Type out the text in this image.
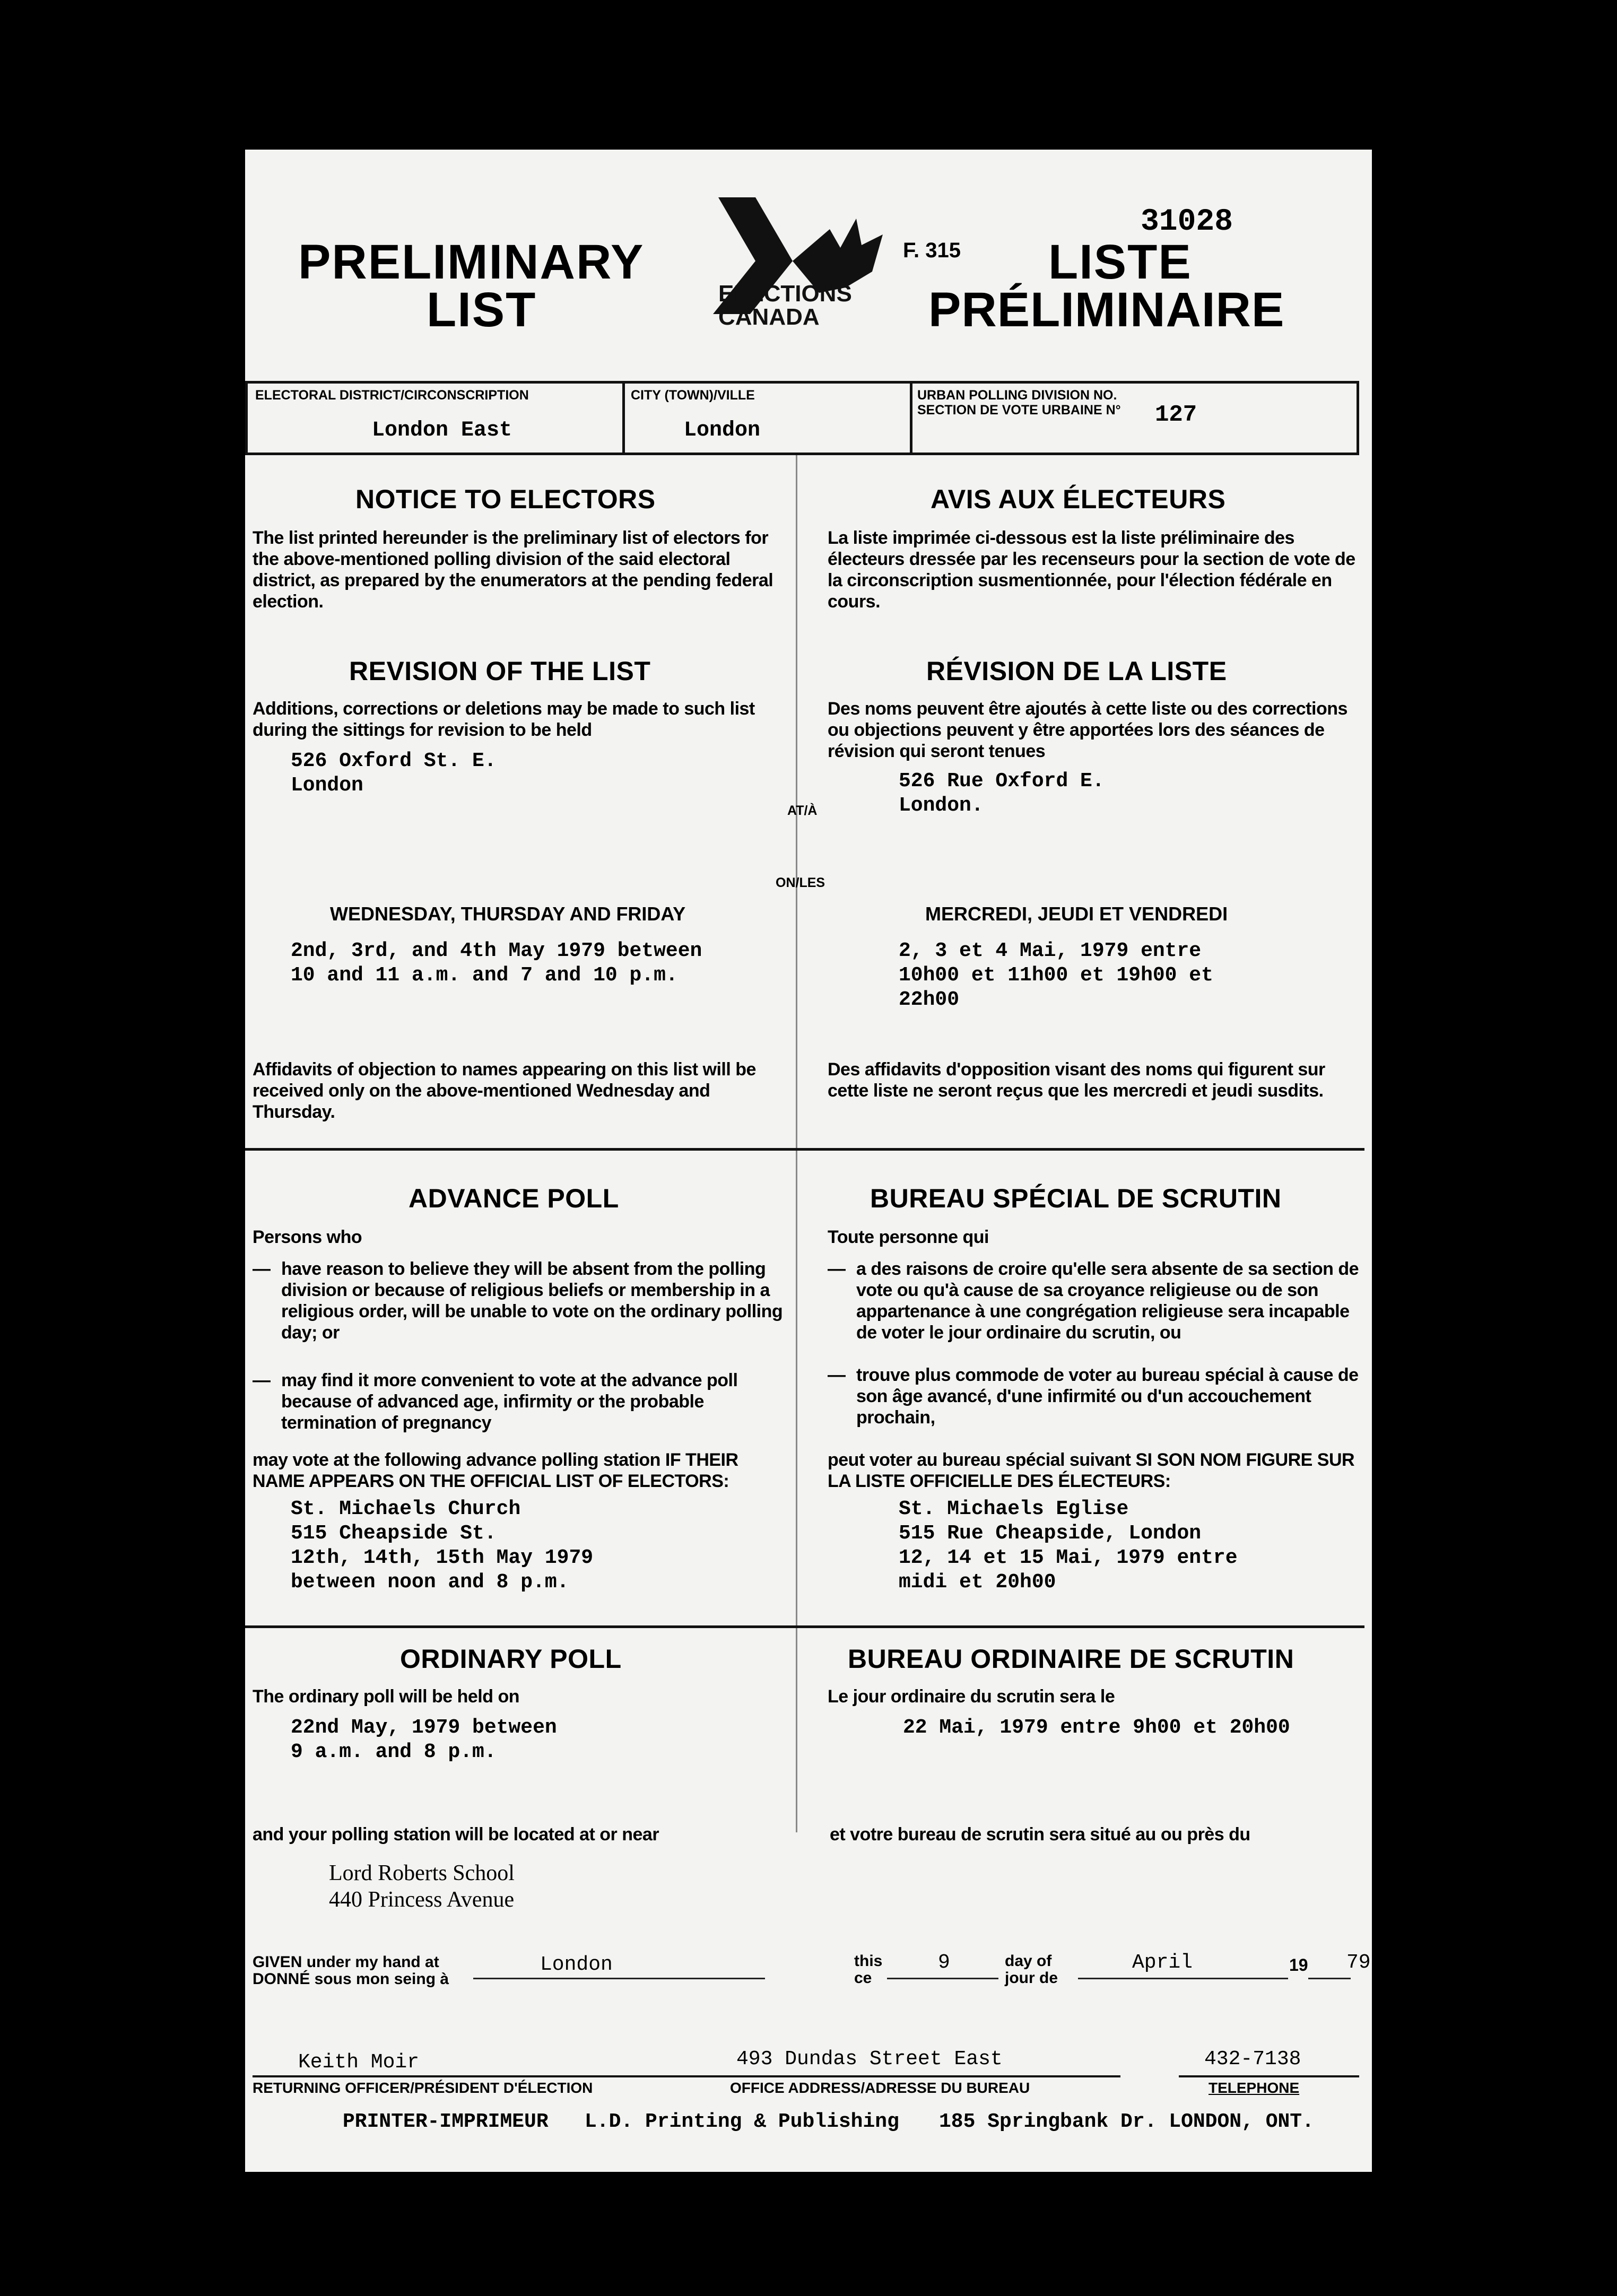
PRELIMINARY
LIST	ELECTIONS
CANADA
F. 315
31028
LISTE
PRÉLIMINAIRE
ELECTORAL DISTRICT/CIRCONSCRIPTION
London East
CITY (TOWN)/VILLE
London
URBAN POLLING DIVISION NO.
SECTION DE VOTE URBAINE N° 127
NOTICE TO ELECTORS
The list printed hereunder is the preliminary list of electors for the above-mentioned polling division of the said electoral district, as prepared by the enumerators at the pending federal election.
AVIS AUX ÉLECTEURS
La liste imprimée ci-dessous est la liste préliminaire des électeurs dressée par les recenseurs pour la section de vote de la circonscription susmentionnée, pour l'élection fédérale en cours.
REVISION OF THE LIST
Additions, corrections or deletions may be made to such list during the sittings for revision to be held
526 Oxford St. E.
London
RÉVISION DE LA LISTE
Des noms peuvent être ajoutés à cette liste ou des corrections ou objections peuvent y être apportées lors des séances de révision qui seront tenues
526 Rue Oxford E.
London.
AT/À
ON/LES
WEDNESDAY, THURSDAY AND FRIDAY
2nd, 3rd, and 4th May 1979 between
10 and 11 a.m. and 7 and 10 p.m.
MERCREDI, JEUDI ET VENDREDI
2, 3 et 4 Mai, 1979 entre
10h00 et 11h00 et 19h00 et
22h00
Affidavits of objection to names appearing on this list will be received only on the above-mentioned Wednesday and Thursday.
Des affidavits d'opposition visant des noms qui figurent sur cette liste ne seront reçus que les mercredi et jeudi susdits.
ADVANCE POLL
Persons who
— have reason to believe they will be absent from the polling division or because of religious beliefs or membership in a religious order, will be unable to vote on the ordinary polling day; or
— may find it more convenient to vote at the advance poll because of advanced age, infirmity or the probable termination of pregnancy
may vote at the following advance polling station IF THEIR NAME APPEARS ON THE OFFICIAL LIST OF ELECTORS:
St. Michaels Church
515 Cheapside St.
12th, 14th, 15th May 1979
between noon and 8 p.m.
BUREAU SPÉCIAL DE SCRUTIN
Toute personne qui
— a des raisons de croire qu'elle sera absente de sa section de vote ou qu'à cause de sa croyance religieuse ou de son appartenance à une congrégation religieuse sera incapable de voter le jour ordinaire du scrutin, ou
— trouve plus commode de voter au bureau spécial à cause de son âge avancé, d'une infirmité ou d'un accouchement prochain,
peut voter au bureau spécial suivant SI SON NOM FIGURE SUR LA LISTE OFFICIELLE DES ÉLECTEURS:
St. Michaels Eglise
515 Rue Cheapside, London
12, 14 et 15 Mai, 1979 entre
midi et 20h00
ORDINARY POLL
The ordinary poll will be held on
22nd May, 1979 between
9 a.m. and 8 p.m.
BUREAU ORDINAIRE DE SCRUTIN
Le jour ordinaire du scrutin sera le
22 Mai, 1979 entre 9h00 et 20h00
and your polling station will be located at or near	et votre bureau de scrutin sera situé au ou près du
Lord Roberts School
440 Princess Avenue
GIVEN under my hand at
DONNÉ sous mon seing à
London	this
ce
9	day of
jour de
April	19 79
Keith Moir
RETURNING OFFICER/PRÉSIDENT D'ÉLECTION
493 Dundas Street East
OFFICE ADDRESS/ADRESSE DU BUREAU
432-7138
TELEPHONE
PRINTER-IMPRIMEUR L.D. Printing & Publishing 185 Springbank Dr. LONDON, ONT.
